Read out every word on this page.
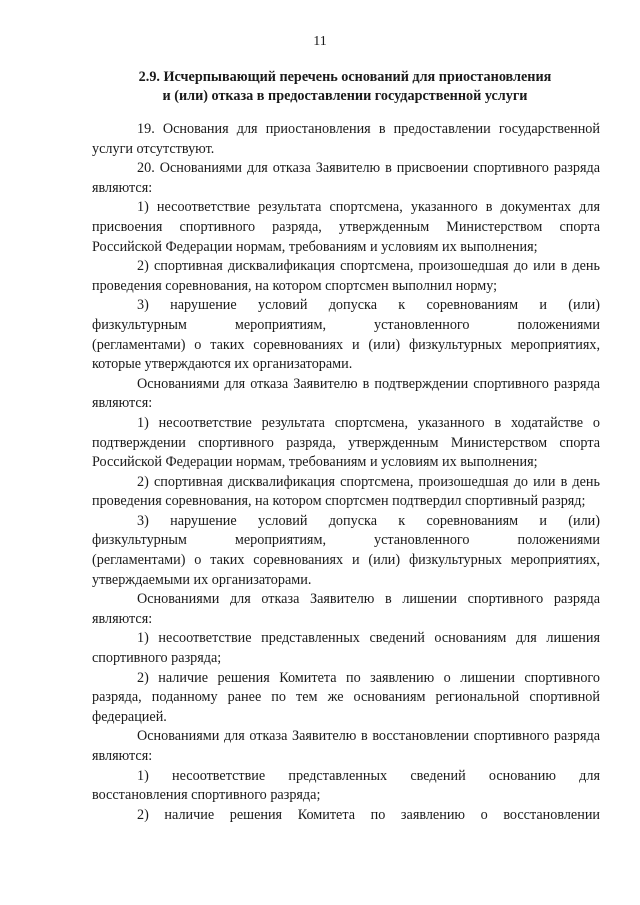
11
2.9. Исчерпывающий перечень оснований для приостановления
и (или) отказа в предоставлении государственной услуги

19. Основания для приостановления в предоставлении государственной услуги отсутствуют.

20. Основаниями для отказа Заявителю в присвоении спортивного разряда являются:

1) несоответствие результата спортсмена, указанного в документах для присвоения спортивного разряда, утвержденным Министерством спорта Российской Федерации нормам, требованиям и условиям их выполнения;

2) спортивная дисквалификация спортсмена, произошедшая до или в день проведения соревнования, на котором спортсмен выполнил норму;

3) нарушение условий допуска к соревнованиям и (или)
физкультурным мероприятиям, установленного положениями
(регламентами) о таких соревнованиях и (или) физкультурных мероприятиях,
которые утверждаются их организаторами.

Основаниями для отказа Заявителю в подтверждении спортивного разряда являются:

1) несоответствие результата спортсмена, указанного в ходатайстве о подтверждении спортивного разряда, утвержденным Министерством спорта Российской Федерации нормам, требованиям и условиям их выполнения;

2) спортивная дисквалификация спортсмена, произошедшая до или в день проведения соревнования, на котором спортсмен подтвердил спортивный разряд;

3) нарушение условий допуска к соревнованиям и (или)
физкультурным мероприятиям, установленного положениями
(регламентами) о таких соревнованиях и (или) физкультурных мероприятиях,
утверждаемыми их организаторами.

Основаниями для отказа Заявителю в лишении спортивного разряда являются:

1) несоответствие представленных сведений основаниям для лишения спортивного разряда;

2) наличие решения Комитета по заявлению о лишении спортивного разряда, поданному ранее по тем же основаниям региональной спортивной федерацией.

Основаниями для отказа Заявителю в восстановлении спортивного разряда являются:

1) несоответствие представленных сведений основанию для восстановления спортивного разряда;

2) наличие решения Комитета по заявлению о восстановлении
